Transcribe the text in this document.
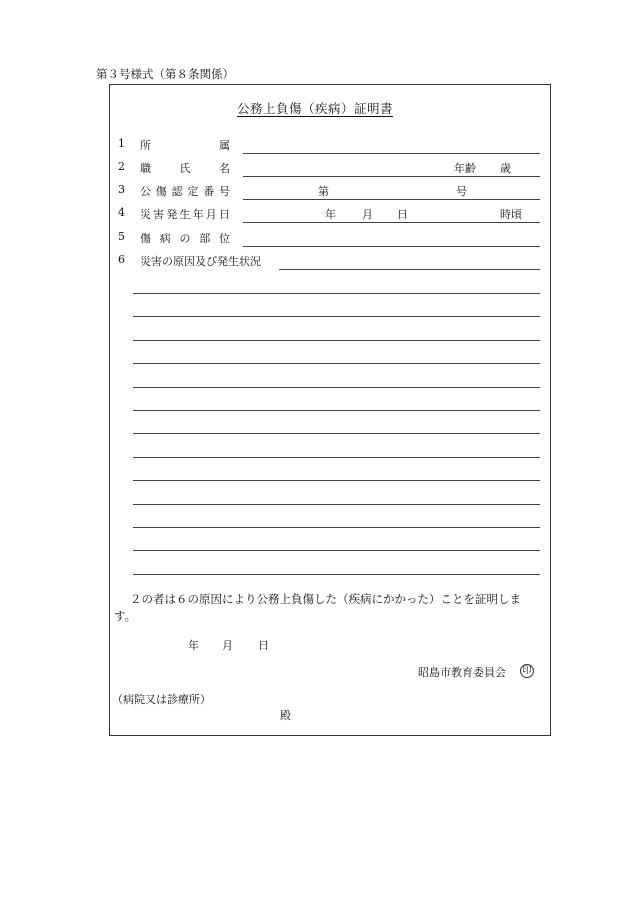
第３号様式（第８条関係）
公務上負傷（疾病）証明書
1 所	属
2 職	氏	名	年齢 歳
3 公 傷 認 定 番 号	第	号
4 災 害 発 生 年 月 日	年 月 日	時頃
5 傷 病 の 部 位
6 災害の原因及び発生状況
２の者は６の原因により公務上負傷した（疾病にかかった）ことを証明しま
す。
年 月 日
昭島市教育委員会 印
（病院又は診療所）
殿
